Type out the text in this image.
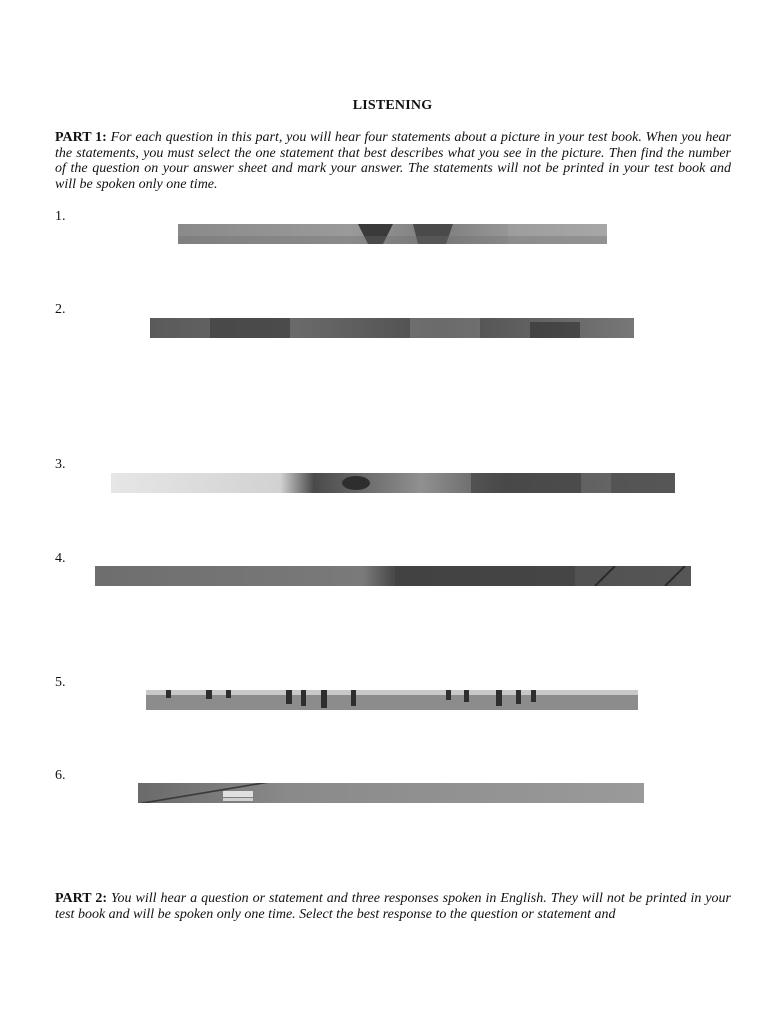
LISTENING
PART 1: For each question in this part, you will hear four statements about a picture in your test book. When you hear the statements, you must select the one statement that best describes what you see in the picture. Then find the number of the question on your answer sheet and mark your answer. The statements will not be printed in your test book and will be spoken only one time.
1.
2.
3.
4.
5.
6.
PART 2: You will hear a question or statement and three responses spoken in English. They will not be printed in your test book and will be spoken only one time. Select the best response to the question or statement and
